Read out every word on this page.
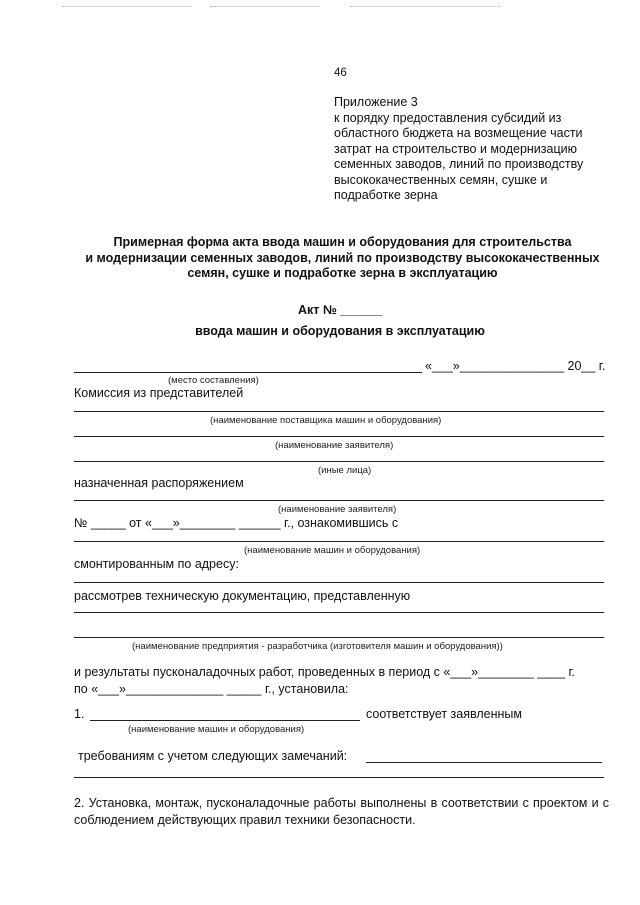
46
Приложение 3
к порядку предоставления субсидий из
областного бюджета на возмещение части
затрат на строительство и модернизацию
семенных заводов, линий по производству
высококачественных семян, сушке и
подработке зерна
Примерная форма акта ввода машин и оборудования для строительства
и модернизации семенных заводов, линий по производству высококачественных
семян, сушке и подработке зерна в эксплуатацию
Акт № ______
ввода машин и оборудования в эксплуатацию
«___»_______________ 20__ г.
(место составления)
Комиссия из представителей
(наименование поставщика машин и оборудования)
(наименование заявителя)
(иные лица)
назначенная распоряжением
(наименование заявителя)
№ _____ от «___»________ ______ г., ознакомившись с
(наименование машин и оборудования)
смонтированным по адресу:
рассмотрев техническую документацию, представленную
(наименование предприятия - разработчика (изготовителя машин и оборудования))
и результаты пусконаладочных работ, проведенных в период с «___»________ ____ г.
по «___»______________ _____ г., установила:
1.	соответствует заявленным
(наименование машин и оборудования)
требованиям с учетом следующих замечаний:
2. Установка, монтаж, пусконаладочные работы выполнены в соответствии с проектом и с соблюдением действующих правил техники безопасности.
